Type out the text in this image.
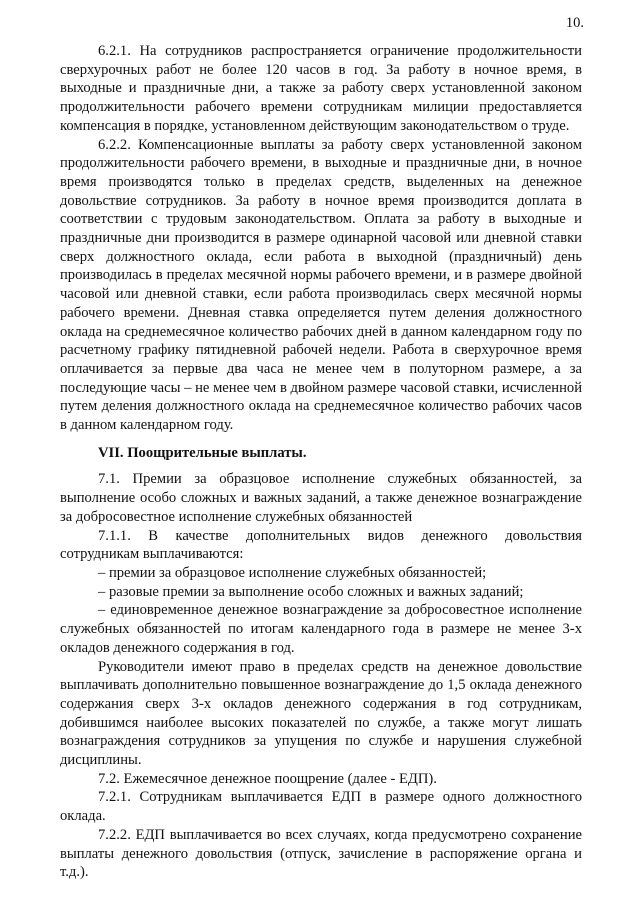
10.

6.2.1. На сотрудников распространяется ограничение продолжительности сверхурочных работ не более 120 часов в год. За работу в ночное время, в выходные и праздничные дни, а также за работу сверх установленной законом продолжительности рабочего времени сотрудникам милиции предоставляется компенсация в порядке, установленном действующим законодательством о труде.

6.2.2. Компенсационные выплаты за работу сверх установленной законом продолжительности рабочего времени, в выходные и праздничные дни, в ночное время производятся только в пределах средств, выделенных на денежное довольствие сотрудников. За работу в ночное время производится доплата в соответствии с трудовым законодательством. Оплата за работу в выходные и праздничные дни производится в размере одинарной часовой или дневной ставки сверх должностного оклада, если работа в выходной (праздничный) день производилась в пределах месячной нормы рабочего времени, и в размере двойной часовой или дневной ставки, если работа производилась сверх месячной нормы рабочего времени. Дневная ставка определяется путем деления должностного оклада на среднемесячное количество рабочих дней в данном календарном году по расчетному графику пятидневной рабочей недели. Работа в сверхурочное время оплачивается за первые два часа не менее чем в полуторном размере, а за последующие часы – не менее чем в двойном размере часовой ставки, исчисленной путем деления должностного оклада на среднемесячное количество рабочих часов в данном календарном году.

VII. Поощрительные выплаты.

7.1. Премии за образцовое исполнение служебных обязанностей, за выполнение особо сложных и важных заданий, а также денежное вознаграждение за добросовестное исполнение служебных обязанностей

7.1.1. В качестве дополнительных видов денежного довольствия сотрудникам выплачиваются:

– премии за образцовое исполнение служебных обязанностей;

– разовые премии за выполнение особо сложных и важных заданий;

– единовременное денежное вознаграждение за добросовестное исполнение служебных обязанностей по итогам календарного года в размере не менее 3-х окладов денежного содержания в год.

Руководители имеют право в пределах средств на денежное довольствие выплачивать дополнительно повышенное вознаграждение до 1,5 оклада денежного содержания сверх 3-х окладов денежного содержания в год сотрудникам, добившимся наиболее высоких показателей по службе, а также могут лишать вознаграждения сотрудников за упущения по службе и нарушения служебной дисциплины.

7.2. Ежемесячное денежное поощрение (далее - ЕДП).

7.2.1. Сотрудникам выплачивается ЕДП в размере одного должностного оклада.

7.2.2. ЕДП выплачивается во всех случаях, когда предусмотрено сохранение выплаты денежного довольствия (отпуск, зачисление в распоряжение органа и т.д.).
